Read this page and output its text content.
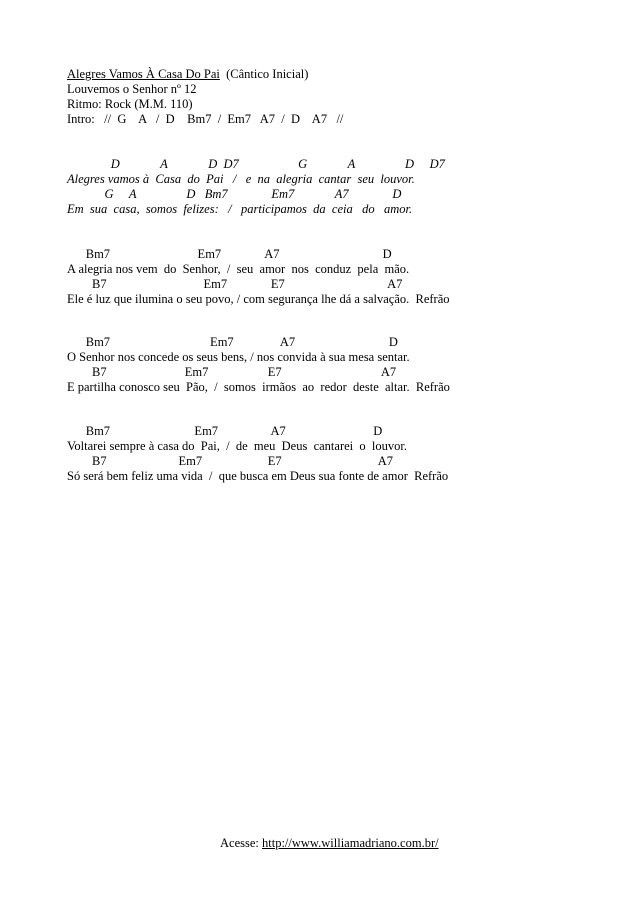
Alegres Vamos À Casa Do Pai  (Cântico Inicial)
Louvemos o Senhor nº 12
Ritmo: Rock (M.M. 110)
Intro:   //  G    A   /  D    Bm7  /  Em7   A7  /  D    A7   //
D             A             D  D7                   G             A                D     D7
Alegres vamos à  Casa  do  Pai   /   e  na  alegria  cantar  seu  louvor.
G     A                D   Bm7              Em7             A7              D
Em  sua  casa,  somos  felizes:   /   participamos  da  ceia   do   amor.
Bm7                            Em7              A7                                 D
A alegria nos vem  do  Senhor,  /  seu  amor  nos  conduz  pela  mão.
B7                               Em7              E7                                 A7
Ele é luz que ilumina o seu povo, / com segurança lhe dá a salvação.  Refrão
Bm7                                Em7               A7                              D
O Senhor nos concede os seus bens, / nos convida à sua mesa sentar.
B7                         Em7                   E7                                A7
E partilha conosco seu  Pão,  /  somos  irmãos  ao  redor  deste  altar.  Refrão
Bm7                           Em7                 A7                            D
Voltarei sempre à casa do  Pai,  /  de  meu  Deus  cantarei  o  louvor.
B7                       Em7                     E7                               A7
Só será bem feliz uma vida  /  que busca em Deus sua fonte de amor  Refrão
Acesse: http://www.williamadriano.com.br/
